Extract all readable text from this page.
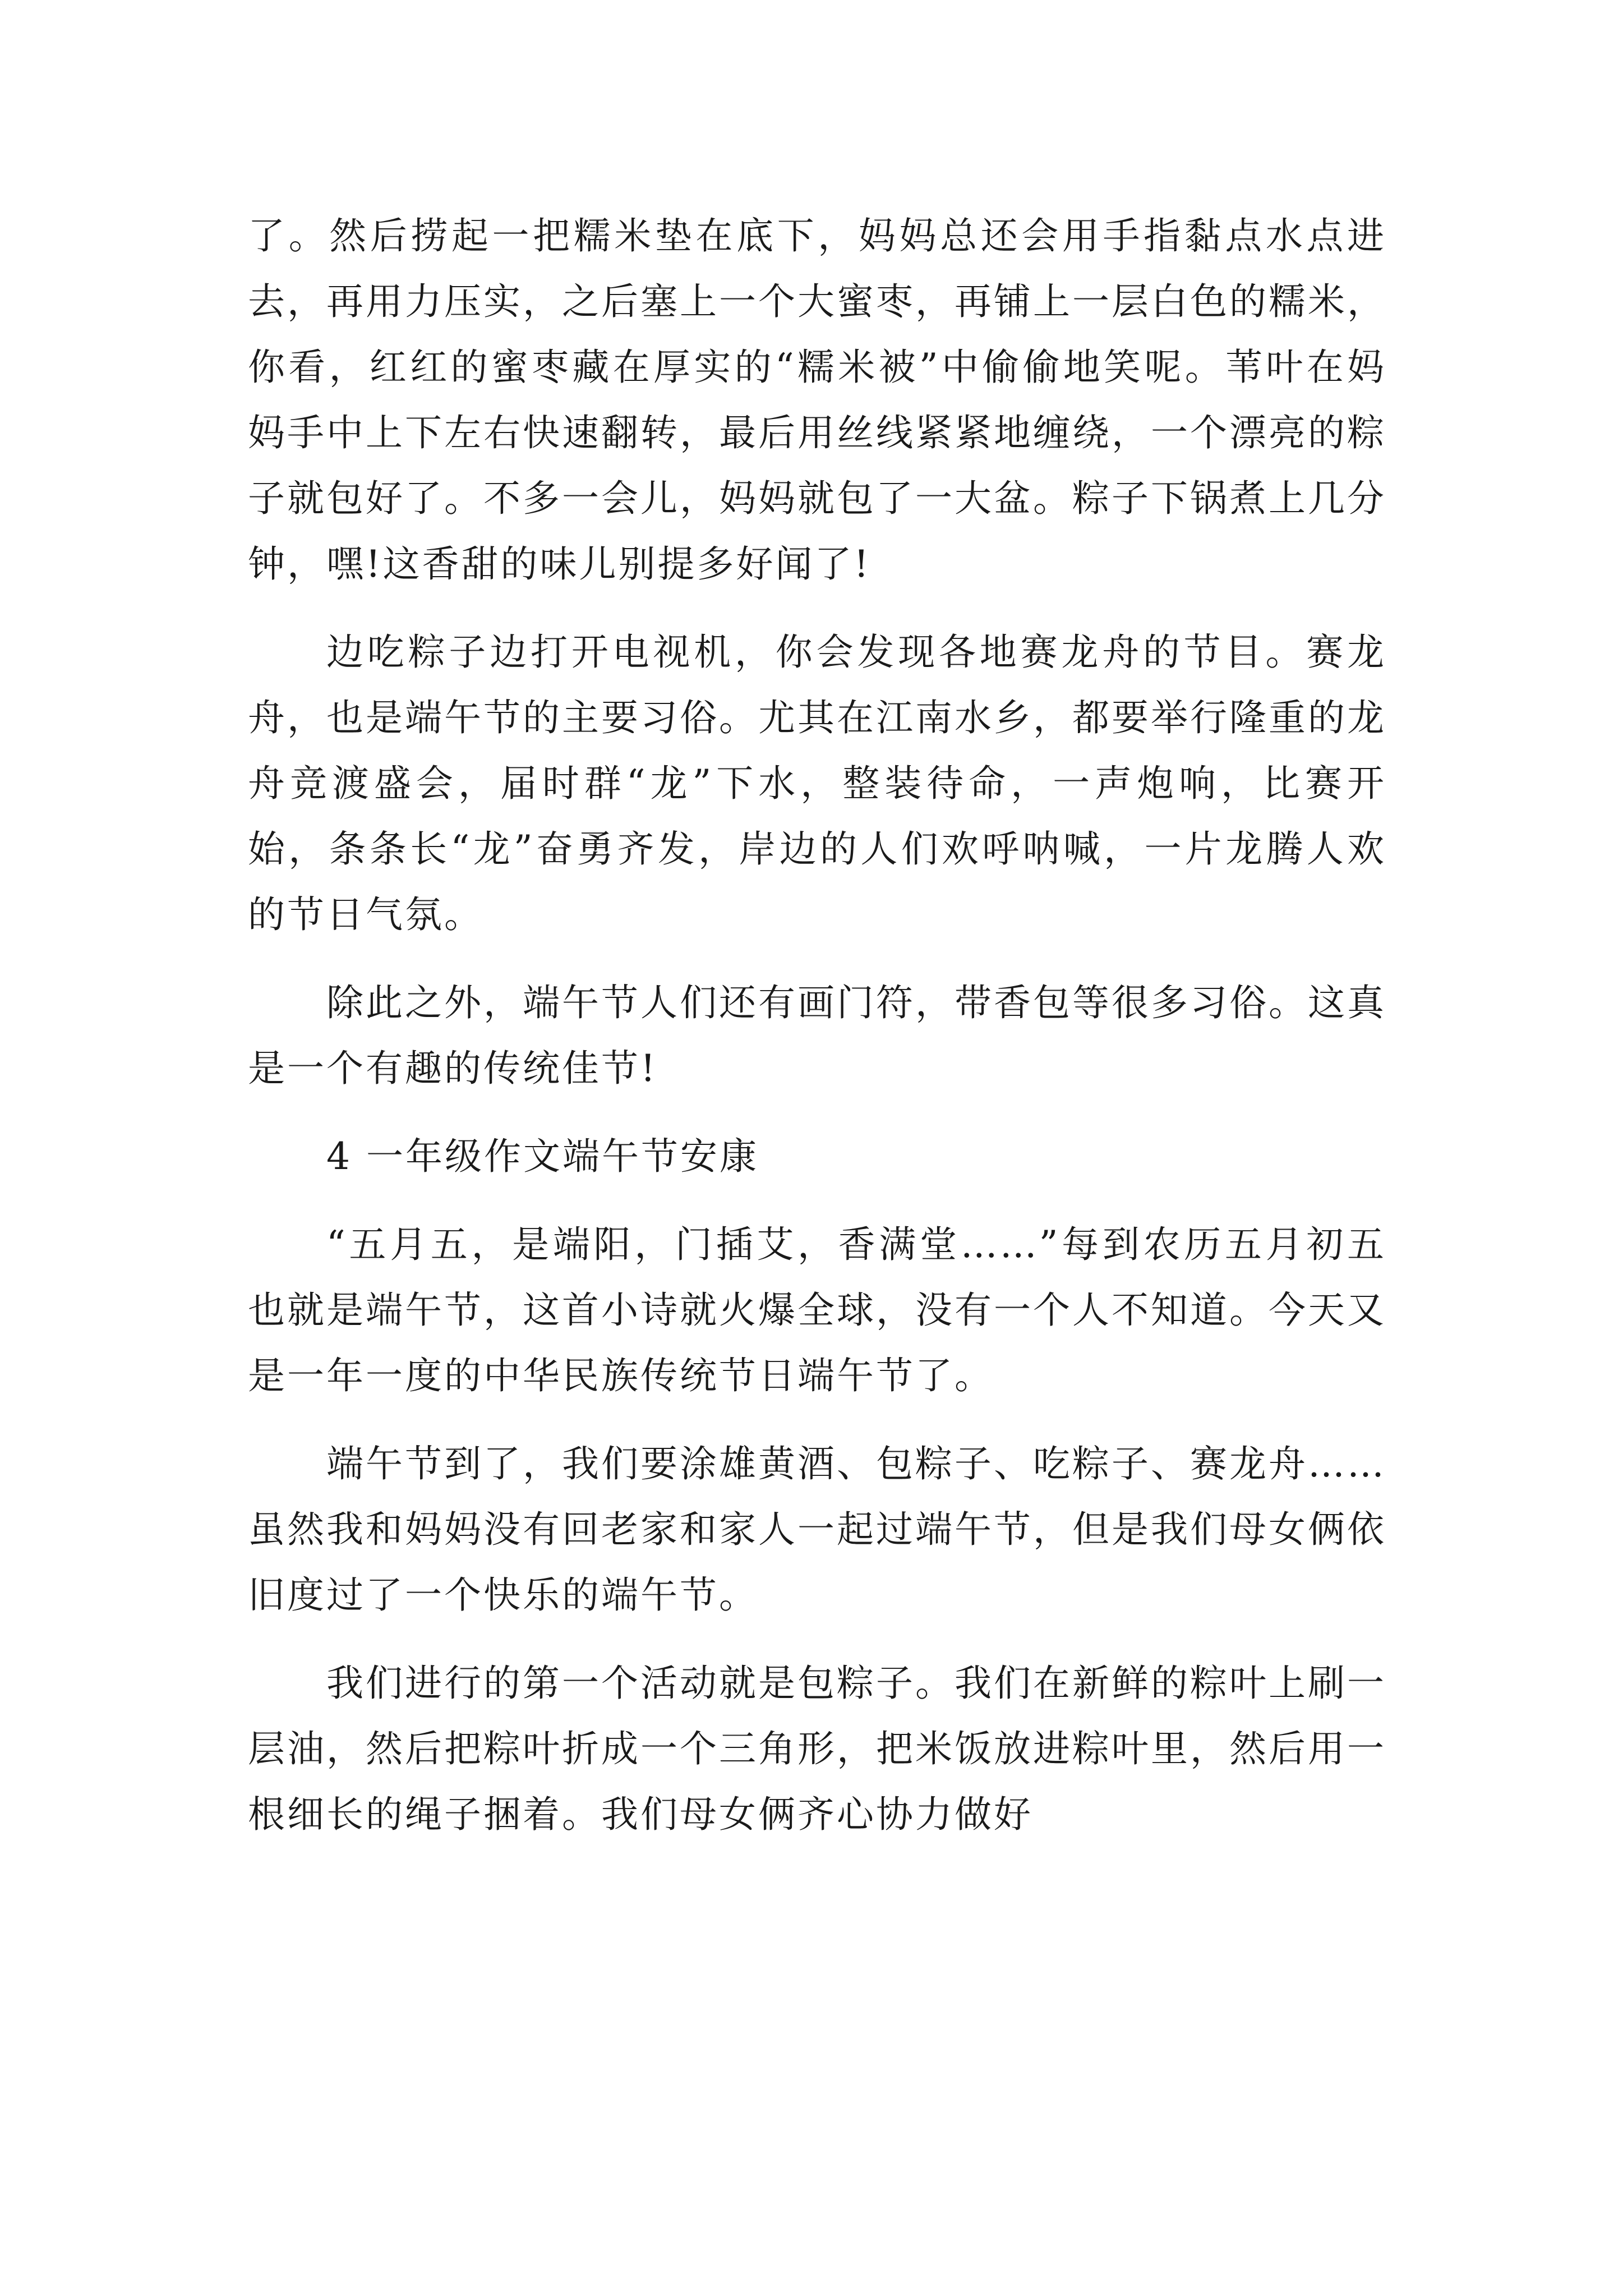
了。然后捞起一把糯米垫在底下，妈妈总还会用手指黏点水点进去，再用力压实，之后塞上一个大蜜枣，再铺上一层白色的糯米，你看，红红的蜜枣藏在厚实的“糯米被”中偷偷地笑呢。苇叶在妈妈手中上下左右快速翻转，最后用丝线紧紧地缠绕，一个漂亮的粽子就包好了。不多一会儿，妈妈就包了一大盆。粽子下锅煮上几分钟，嘿!这香甜的味儿别提多好闻了!

边吃粽子边打开电视机，你会发现各地赛龙舟的节目。赛龙舟，也是端午节的主要习俗。尤其在江南水乡，都要举行隆重的龙舟竞渡盛会，届时群“龙”下水，整装待命，一声炮响，比赛开始，条条长“龙”奋勇齐发，岸边的人们欢呼呐喊，一片龙腾人欢的节日气氛。

除此之外，端午节人们还有画门符，带香包等很多习俗。这真是一个有趣的传统佳节!

4 一年级作文端午节安康

“五月五，是端阳，门插艾，香满堂……”每到农历五月初五也就是端午节，这首小诗就火爆全球，没有一个人不知道。今天又是一年一度的中华民族传统节日端午节了。

端午节到了，我们要涂雄黄酒、包粽子、吃粽子、赛龙舟……虽然我和妈妈没有回老家和家人一起过端午节，但是我们母女俩依旧度过了一个快乐的端午节。

我们进行的第一个活动就是包粽子。我们在新鲜的粽叶上刷一层油，然后把粽叶折成一个三角形，把米饭放进粽叶里，然后用一根细长的绳子捆着。我们母女俩齐心协力做好
